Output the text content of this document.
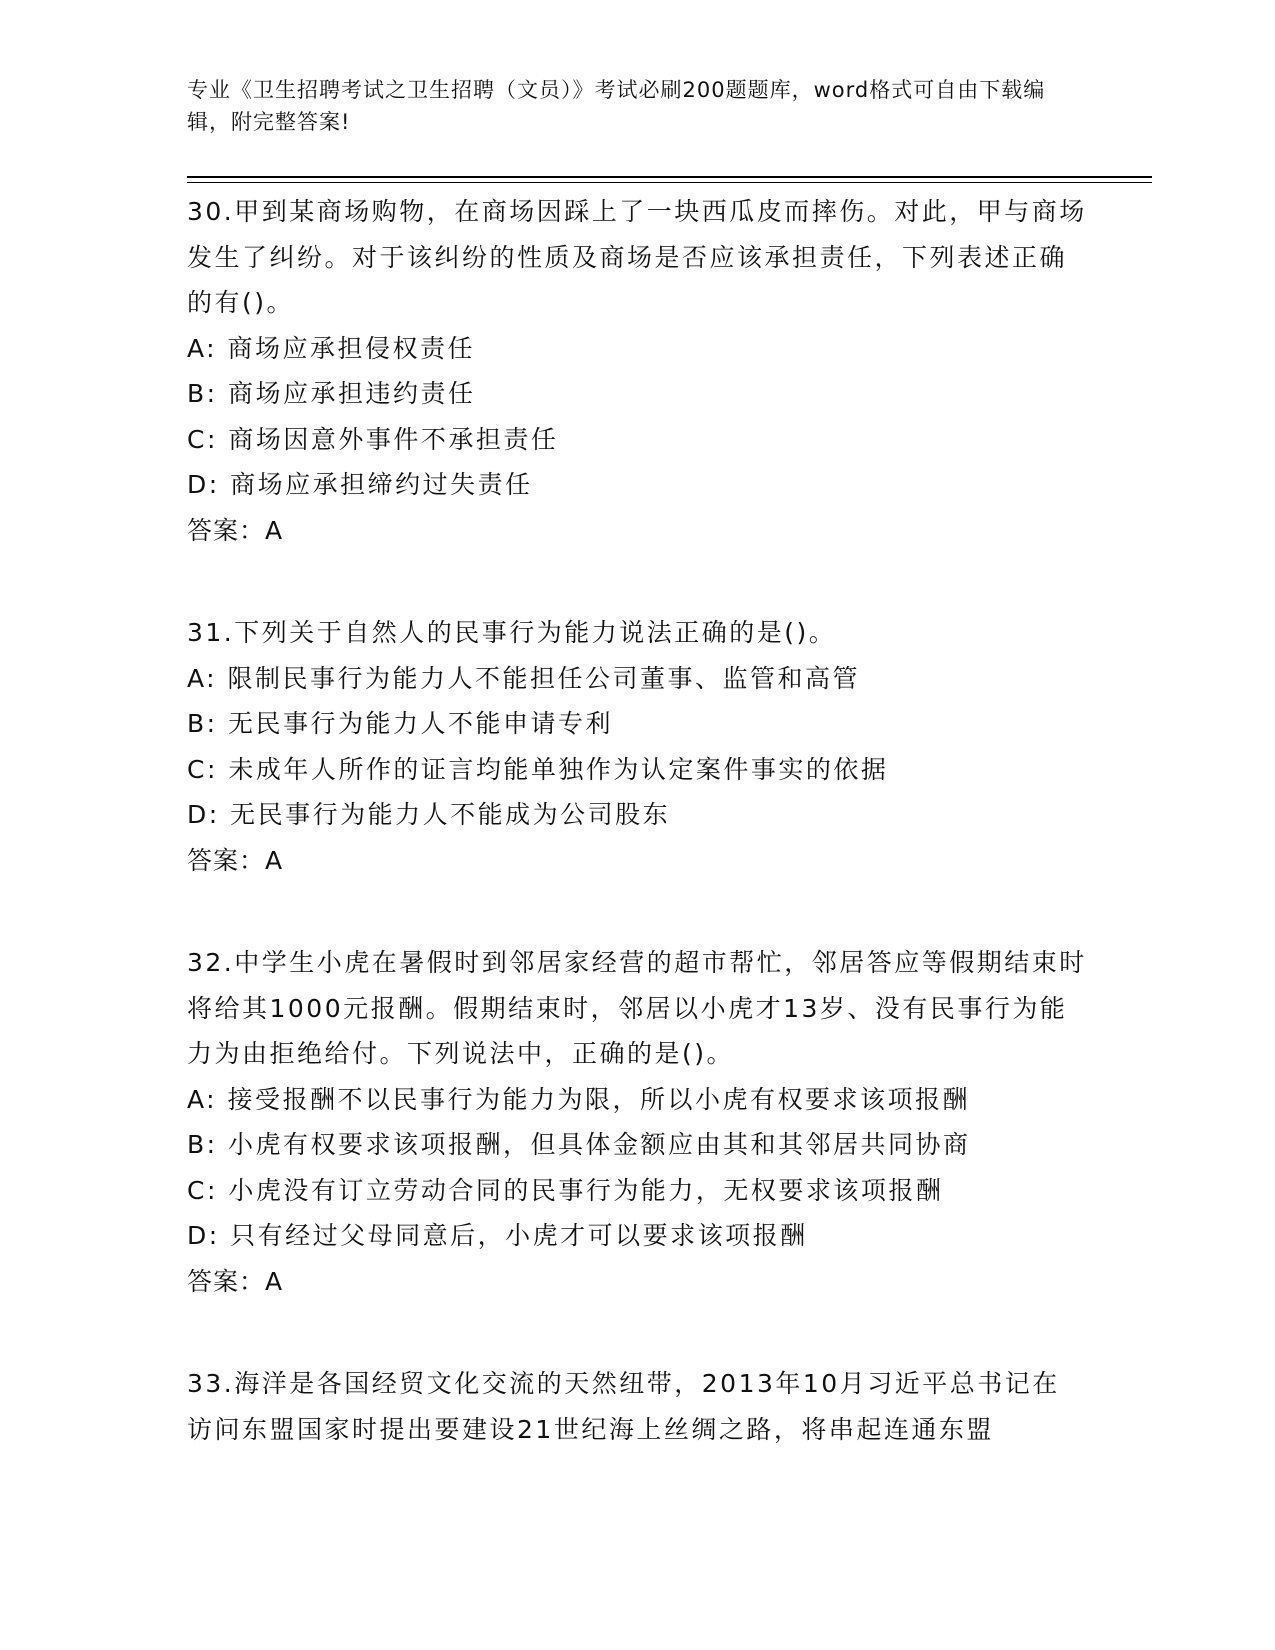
专业《卫生招聘考试之卫生招聘（文员）》考试必刷200题题库，word格式可自由下载编辑，附完整答案!
30.甲到某商场购物，在商场因踩上了一块西瓜皮而摔伤。对此，甲与商场发生了纠纷。对于该纠纷的性质及商场是否应该承担责任，下列表述正确的有()。
A: 商场应承担侵权责任
B: 商场应承担违约责任
C: 商场因意外事件不承担责任
D: 商场应承担缔约过失责任
答案：A
31.下列关于自然人的民事行为能力说法正确的是()。
A: 限制民事行为能力人不能担任公司董事、监管和高管
B: 无民事行为能力人不能申请专利
C: 未成年人所作的证言均能单独作为认定案件事实的依据
D: 无民事行为能力人不能成为公司股东
答案：A
32.中学生小虎在暑假时到邻居家经营的超市帮忙，邻居答应等假期结束时将给其1000元报酬。假期结束时，邻居以小虎才13岁、没有民事行为能力为由拒绝给付。下列说法中，正确的是()。
A: 接受报酬不以民事行为能力为限，所以小虎有权要求该项报酬
B: 小虎有权要求该项报酬，但具体金额应由其和其邻居共同协商
C: 小虎没有订立劳动合同的民事行为能力，无权要求该项报酬
D: 只有经过父母同意后，小虎才可以要求该项报酬
答案：A
33.海洋是各国经贸文化交流的天然纽带，2013年10月习近平总书记在访问东盟国家时提出要建设21世纪海上丝绸之路，将串起连通东盟
